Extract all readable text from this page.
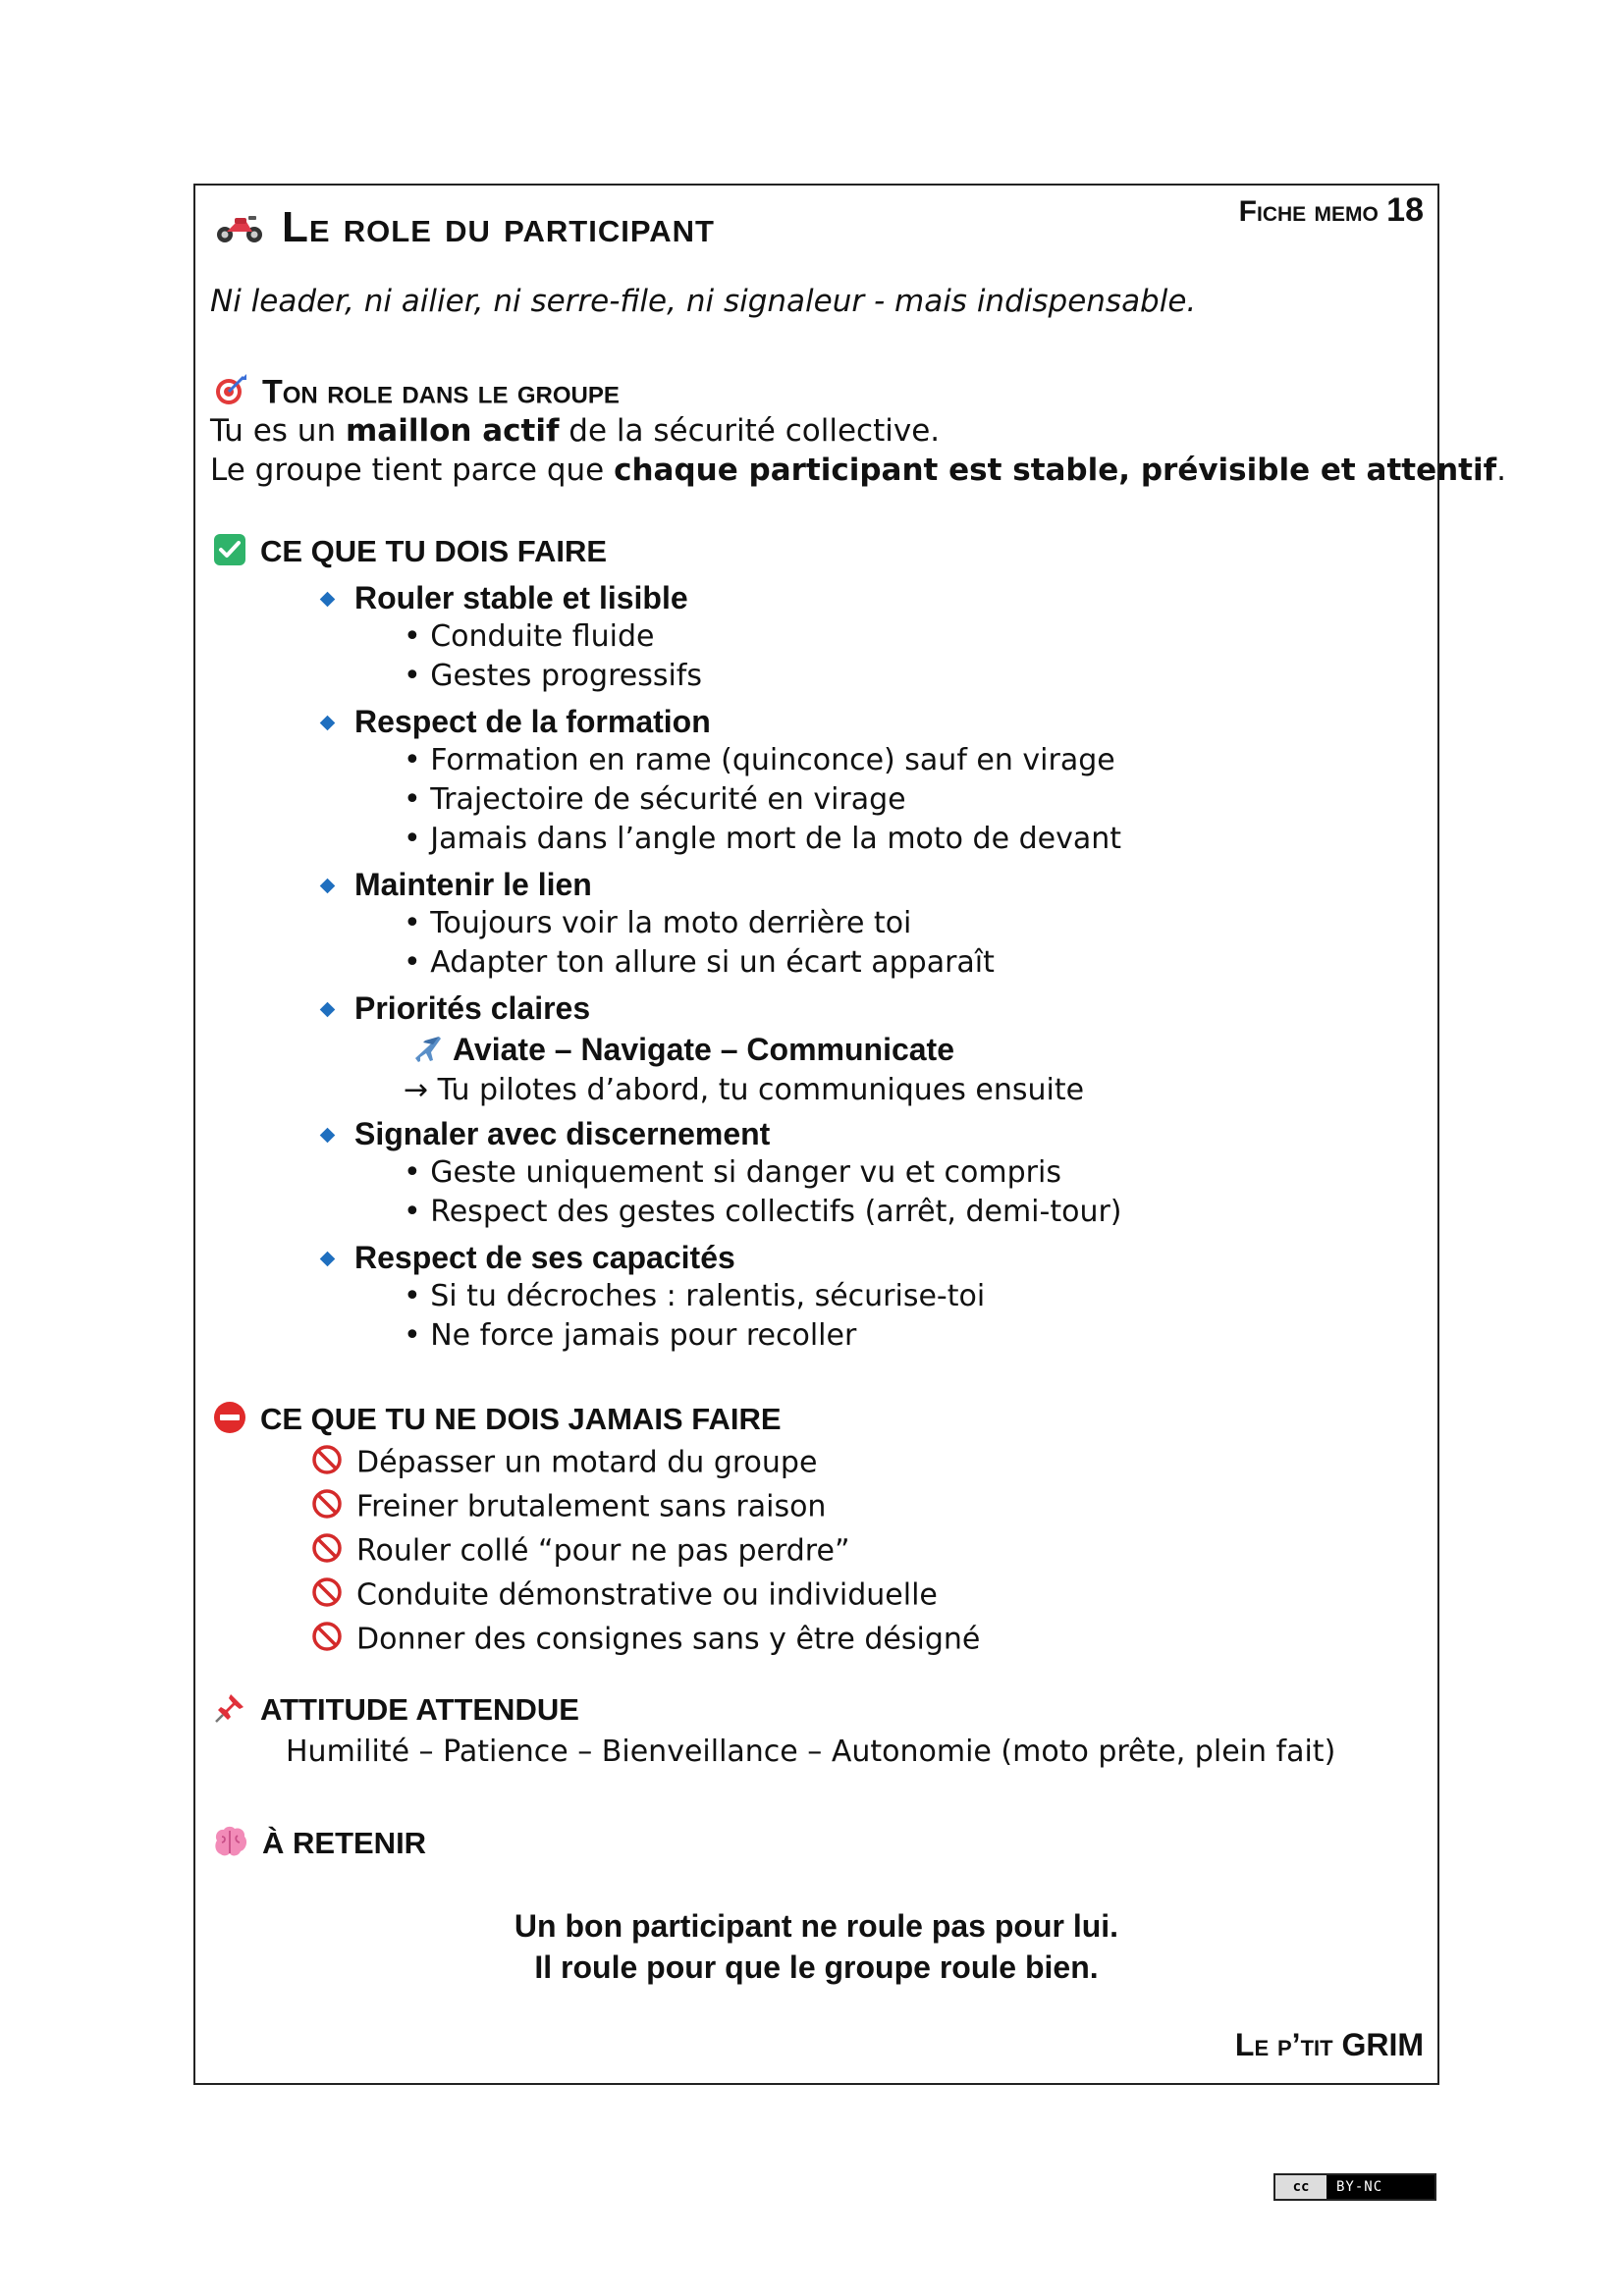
Le role du participant	Fiche memo 18
Ni leader, ni ailier, ni serre-file, ni signaleur - mais indispensable.
Ton role dans le groupe
Tu es un maillon actif de la sécurité collective.
Le groupe tient parce que chaque participant est stable, prévisible et attentif.
CE QUE TU DOIS FAIRE
Rouler stable et lisible
• Conduite fluide
• Gestes progressifs
Respect de la formation
• Formation en rame (quinconce) sauf en virage
• Trajectoire de sécurité en virage
• Jamais dans l’angle mort de la moto de devant
Maintenir le lien
• Toujours voir la moto derrière toi
• Adapter ton allure si un écart apparaît
Priorités claires
Aviate – Navigate – Communicate
→ Tu pilotes d’abord, tu communiques ensuite
Signaler avec discernement
• Geste uniquement si danger vu et compris
• Respect des gestes collectifs (arrêt, demi-tour)
Respect de ses capacités
• Si tu décroches : ralentis, sécurise-toi
• Ne force jamais pour recoller
CE QUE TU NE DOIS JAMAIS FAIRE
Dépasser un motard du groupe
Freiner brutalement sans raison
Rouler collé “pour ne pas perdre”
Conduite démonstrative ou individuelle
Donner des consignes sans y être désigné
ATTITUDE ATTENDUE
Humilité – Patience – Bienveillance – Autonomie (moto prête, plein fait)
À RETENIR
Un bon participant ne roule pas pour lui.
Il roule pour que le groupe roule bien.
Le p’tit GRIM
cc	BY-NC
